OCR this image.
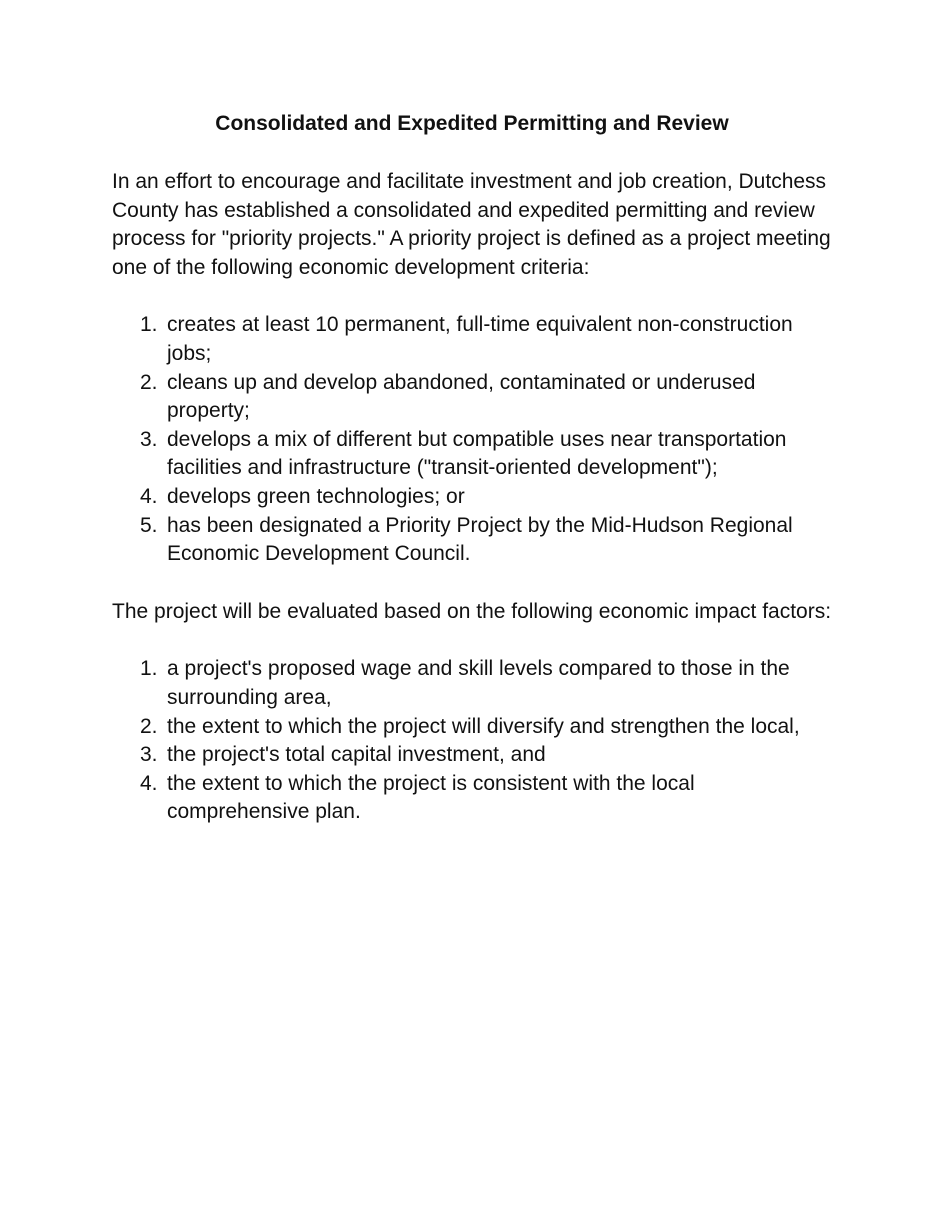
Consolidated and Expedited Permitting and Review

In an effort to encourage and facilitate investment and job creation, Dutchess County has established a consolidated and expedited permitting and review process for "priority projects." A priority project is defined as a project meeting one of the following economic development criteria:

1. creates at least 10 permanent, full-time equivalent non-construction jobs;
2. cleans up and develop abandoned, contaminated or underused property;
3. develops a mix of different but compatible uses near transportation facilities and infrastructure ("transit-oriented development");
4. develops green technologies; or
5. has been designated a Priority Project by the Mid-Hudson Regional Economic Development Council.

The project will be evaluated based on the following economic impact factors:

1. a project's proposed wage and skill levels compared to those in the surrounding area,
2. the extent to which the project will diversify and strengthen the local,
3. the project's total capital investment, and
4. the extent to which the project is consistent with the local comprehensive plan.
